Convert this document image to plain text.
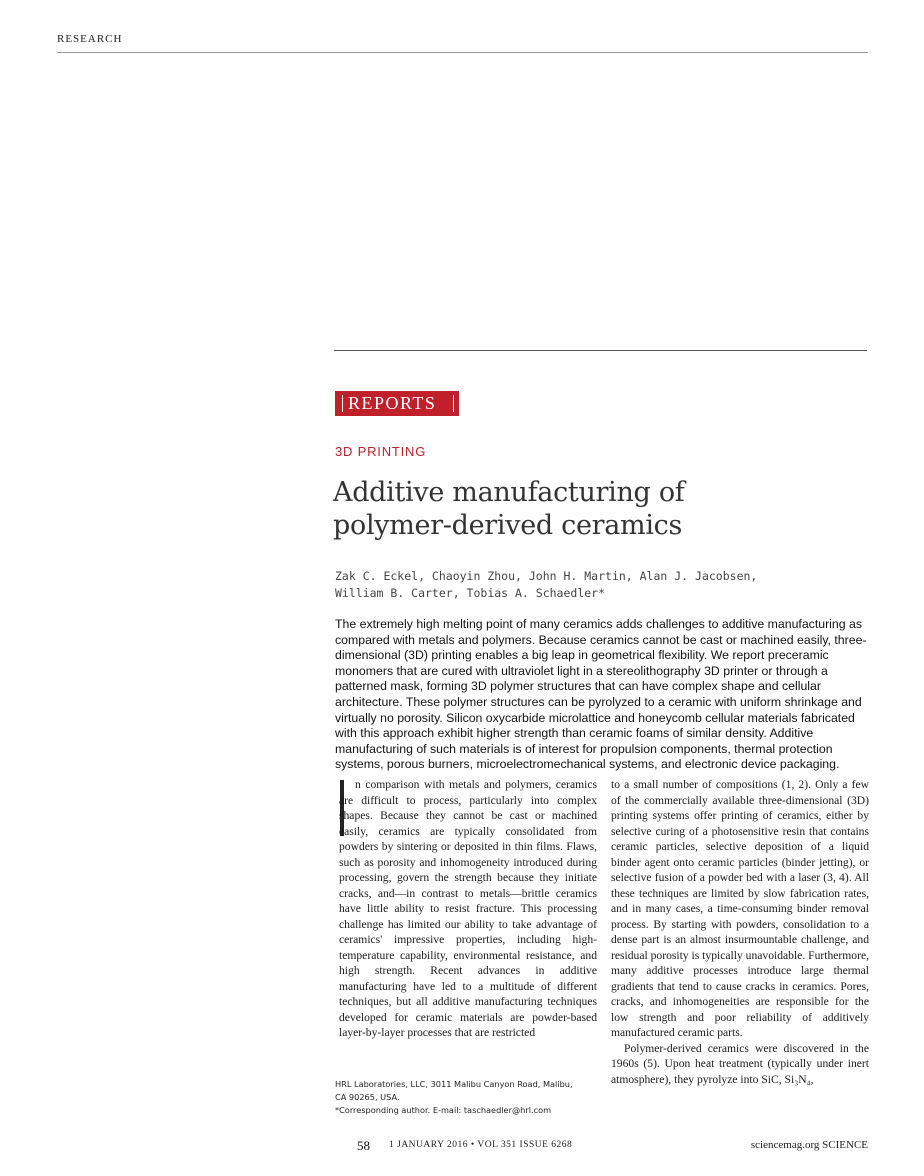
RESEARCH
REPORTS
3D PRINTING
Additive manufacturing of
polymer-derived ceramics
Zak C. Eckel, Chaoyin Zhou, John H. Martin, Alan J. Jacobsen,
William B. Carter, Tobias A. Schaedler*
The extremely high melting point of many ceramics adds challenges to additive manufacturing as compared with metals and polymers. Because ceramics cannot be cast or machined easily, three-dimensional (3D) printing enables a big leap in geometrical flexibility. We report preceramic monomers that are cured with ultraviolet light in a stereolithography 3D printer or through a patterned mask, forming 3D polymer structures that can have complex shape and cellular architecture. These polymer structures can be pyrolyzed to a ceramic with uniform shrinkage and virtually no porosity. Silicon oxycarbide microlattice and honeycomb cellular materials fabricated with this approach exhibit higher strength than ceramic foams of similar density. Additive manufacturing of such materials is of interest for propulsion components, thermal protection systems, porous burners, microelectromechanical systems, and electronic device packaging.

n comparison with metals and polymers, ceramics are difficult to process, particularly into complex shapes. Because they cannot be cast or machined easily, ceramics are typically consolidated from powders by sintering or deposited in thin films. Flaws, such as porosity and inhomogeneity introduced during processing, govern the strength because they initiate cracks, and—in contrast to metals—brittle ceramics have little ability to resist fracture. This processing challenge has limited our ability to take advantage of ceramics' impressive properties, including high-temperature capability, environmental resistance, and high strength. Recent advances in additive manufacturing have led to a multitude of different techniques, but all additive manufacturing techniques developed for ceramic materials are powder-based layer-by-layer processes that are restricted

to a small number of compositions (1, 2). Only a few of the commercially available three-dimensional (3D) printing systems offer printing of ceramics, either by selective curing of a photosensitive resin that contains ceramic particles, selective deposition of a liquid binder agent onto ceramic particles (binder jetting), or selective fusion of a powder bed with a laser (3, 4). All these techniques are limited by slow fabrication rates, and in many cases, a time-consuming binder removal process. By starting with powders, consolidation to a dense part is an almost insurmountable challenge, and residual porosity is typically unavoidable. Furthermore, many additive processes introduce large thermal gradients that tend to cause cracks in ceramics. Pores, cracks, and inhomogeneities are responsible for the low strength and poor reliability of additively manufactured ceramic parts.

Polymer-derived ceramics were discovered in the 1960s (5). Upon heat treatment (typically under inert atmosphere), they pyrolyze into SiC, Si₃N₄,

HRL Laboratories, LLC, 3011 Malibu Canyon Road, Malibu,
CA 90265, USA.
*Corresponding author. E-mail: taschaedler@hrl.com
58 1 JANUARY 2016 • VOL 351 ISSUE 6268	sciencemag.org SCIENCE
